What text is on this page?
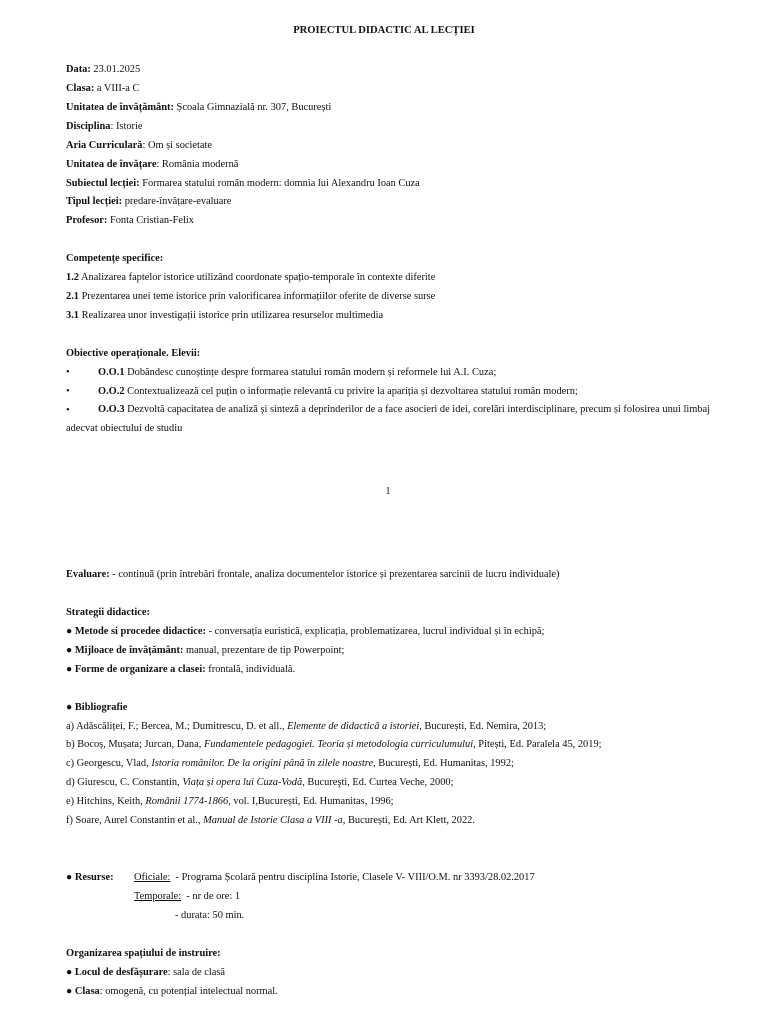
PROIECTUL DIDACTIC AL LECȚIEI
Data: 23.01.2025
Clasa: a VIII-a C
Unitatea de învățământ: Școala Gimnazială nr. 307, București
Disciplina: Istorie
Aria Curriculară: Om și societate
Unitatea de învățare: România modernă
Subiectul lecției: Formarea statului român modern: domnia lui Alexandru Ioan Cuza
Tipul lecției: predare-învățare-evaluare
Profesor: Fonta Cristian-Felix
Competențe specifice:
1.2 Analizarea faptelor istorice utilizând coordonate spațio-temporale în contexte diferite
2.1 Prezentarea unei teme istorice prin valorificarea informațiilor oferite de diverse surse
3.1 Realizarea unor investigații istorice prin utilizarea resurselor multimedia
Obiective operaționale. Elevii:
•	O.O.1 Dobândesc cunoștințe despre formarea statului român modern și reformele lui A.I. Cuza;
•	O.O.2 Contextualizează cel puțin o informație relevantă cu privire la apariția și dezvoltarea statului român modern;
•	O.O.3 Dezvoltă capacitatea de analiză și sinteză a deprinderilor de a face asocieri de idei, corelări interdisciplinare, precum și folosirea unui limbaj adecvat obiectului de studiu
1
Evaluare: - continuă (prin întrebări frontale, analiza documentelor istorice și prezentarea sarcinii de lucru individuale)
Strategii didactice:
● Metode si procedee didactice: - conversația euristică, explicația, problematizarea, lucrul individual și în echipă;
● Mijloace de învățământ: manual, prezentare de tip Powerpoint;
● Forme de organizare a clasei: frontală, individuală.
● Bibliografie
a) Adăscăliței, F.; Bercea, M.; Dumitrescu, D. et all., Elemente de didactică a istoriei, București, Ed. Nemira, 2013;
b) Bocoș, Mușata; Jurcan, Dana, Fundamentele pedagogiei. Teoria și metodologia curriculumului, Pitești, Ed. Paralela 45, 2019;
c) Georgescu, Vlad, Istoria românilor. De la origini până în zilele noastre, București, Ed. Humanitas, 1992;
d) Giurescu, C. Constantin, Viața și opera lui Cuza-Vodă, Bucureşti, Ed. Curtea Veche, 2000;
e) Hitchins, Keith, Românii 1774-1866, vol. I,București, Ed. Humanitas, 1996;
f) Soare, Aurel Constantin et al., Manual de Istorie Clasa a VIII -a, București, Ed. Art Klett, 2022.
● Resurse: Oficiale:  - Programa Școlară pentru disciplina Istorie, Clasele V- VIII/O.M. nr 3393/28.02.2017
Temporale:  - nr de ore: 1
- durata: 50 min.
Organizarea spațiului de instruire:
● Locul de desfășurare: sala de clasă
● Clasa: omogenă, cu potențial intelectual normal.
